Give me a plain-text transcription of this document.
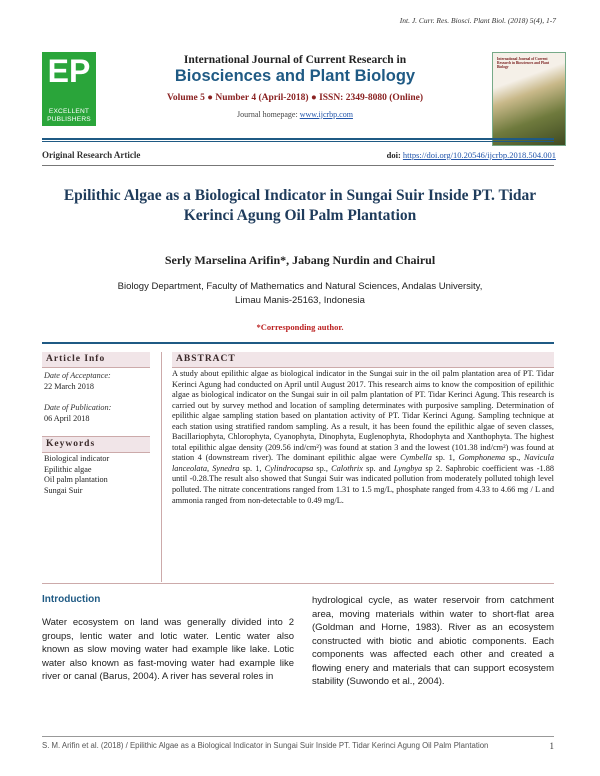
Int. J. Curr. Res. Biosci. Plant Biol. (2018) 5(4), 1-7
EP
EXCELLENT PUBLISHERS
International Journal of Current Research in
Biosciences and Plant Biology
Volume 5 ● Number 4 (April-2018) ● ISSN: 2349-8080 (Online)
Journal homepage: www.ijcrbp.com
International Journal of Current Research in Biosciences and Plant Biology
Original Research Article	doi: https://doi.org/10.20546/ijcrbp.2018.504.001
Epilithic Algae as a Biological Indicator in Sungai Suir Inside PT. Tidar Kerinci Agung Oil Palm Plantation
Serly Marselina Arifin*, Jabang Nurdin and Chairul
Biology Department, Faculty of Mathematics and Natural Sciences, Andalas University,
Limau Manis-25163, Indonesia
*Corresponding author.
Article Info	ABSTRACT
Date of Acceptance:
22 March 2018
Date of Publication:
06 April 2018
Keywords
Biological indicator
Epilithic algae
Oil palm plantation
Sungai Suir
A study about epilithic algae as biological indicator in the Sungai suir in the oil palm plantation area of PT. Tidar Kerinci Agung had conducted on April until August 2017. This research aims to know the composition of epilithic algae as biological indicator on the Sungai suir in oil palm plantation of PT. Tidar Kerinci Agung. This research is carried out by survey method and location of sampling determinates with purposive sampling. Determination of epilithic algae sampling station based on plantation activity of PT. Tidar Kerinci Agung. Sampling technique at each station using stratified random sampling. As a result, it has been found the epilithic algae of seven classes, Bacillariophyta, Chlorophyta, Cyanophyta, Dinophyta, Euglenophyta, Rhodophyta and Xanthophyta. The highest total epilithic algae density (209.56 ind/cm²) was found at station 3 and the lowest (101.38 ind/cm²) was found at station 4 (downstream river). The dominant epilithic algae were Cymbella sp. 1, Gomphonema sp., Navicula lanceolata, Synedra sp. 1, Cylindrocapsa sp., Calothrix sp. and Lyngbya sp 2. Saphrobic coefficient was -1.88 until -0.28.The result also showed that Sungai Suir was indicated pollution from moderately polluted tohigh level polluted. The nitrate concentrations ranged from 1.31 to 1.5 mg/L, phosphate ranged from 4.33 to 4.66 mg / L and ammonia ranged from non-detectable to 0.49 mg/L.
Introduction
Water ecosystem on land was generally divided into 2 groups, lentic water and lotic water. Lentic water also known as slow moving water had example like lake. Lotic water also known as fast-moving water had example like river or canal (Barus, 2004). A river has several roles in
hydrological cycle, as water reservoir from catchment area, moving materials within water to short-flat area (Goldman and Horne, 1983). River as an ecosystem constructed with biotic and abiotic components. Each components was affected each other and created a flowing enery and materials that can support ecosystem stability (Suwondo et al., 2004).
S. M. Arifin et al. (2018) / Epilithic Algae as a Biological Indicator in Sungai Suir Inside PT. Tidar Kerinci Agung Oil Palm Plantation	1
